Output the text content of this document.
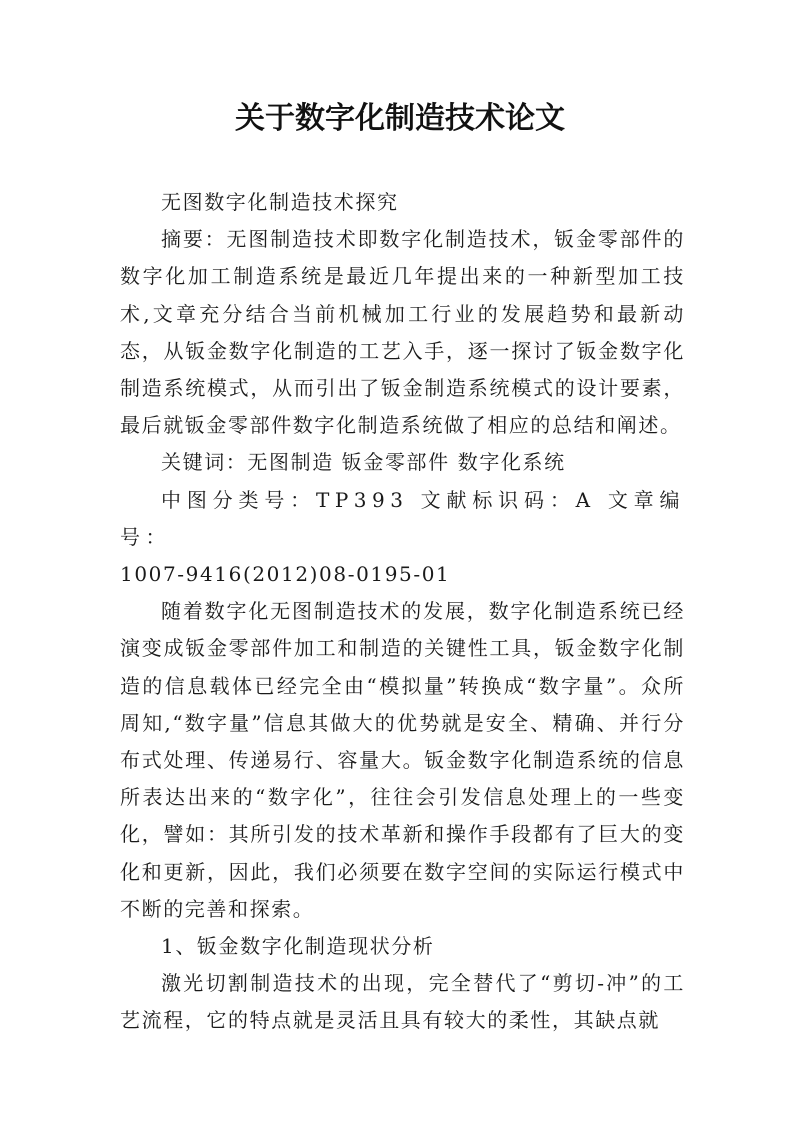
关于数字化制造技术论文

无图数字化制造技术探究

摘要：无图制造技术即数字化制造技术，钣金零部件的数字化加工制造系统是最近几年提出来的一种新型加工技术,文章充分结合当前机械加工行业的发展趋势和最新动态，从钣金数字化制造的工艺入手，逐一探讨了钣金数字化制造系统模式，从而引出了钣金制造系统模式的设计要素，最后就钣金零部件数字化制造系统做了相应的总结和阐述。

关键词：无图制造 钣金零部件 数字化系统

中图分类号：TP393 文献标识码：A 文章编号：

1007-9416(2012)08-0195-01

随着数字化无图制造技术的发展，数字化制造系统已经演变成钣金零部件加工和制造的关键性工具，钣金数字化制造的信息载体已经完全由“模拟量”转换成“数字量”。众所周知,“数字量”信息其做大的优势就是安全、精确、并行分布式处理、传递易行、容量大。钣金数字化制造系统的信息所表达出来的“数字化”，往往会引发信息处理上的一些变化，譬如：其所引发的技术革新和操作手段都有了巨大的变化和更新，因此，我们必须要在数字空间的实际运行模式中不断的完善和探索。

1、钣金数字化制造现状分析

激光切割制造技术的出现，完全替代了“剪切-冲”的工艺流程，它的特点就是灵活且具有较大的柔性，其缺点就
